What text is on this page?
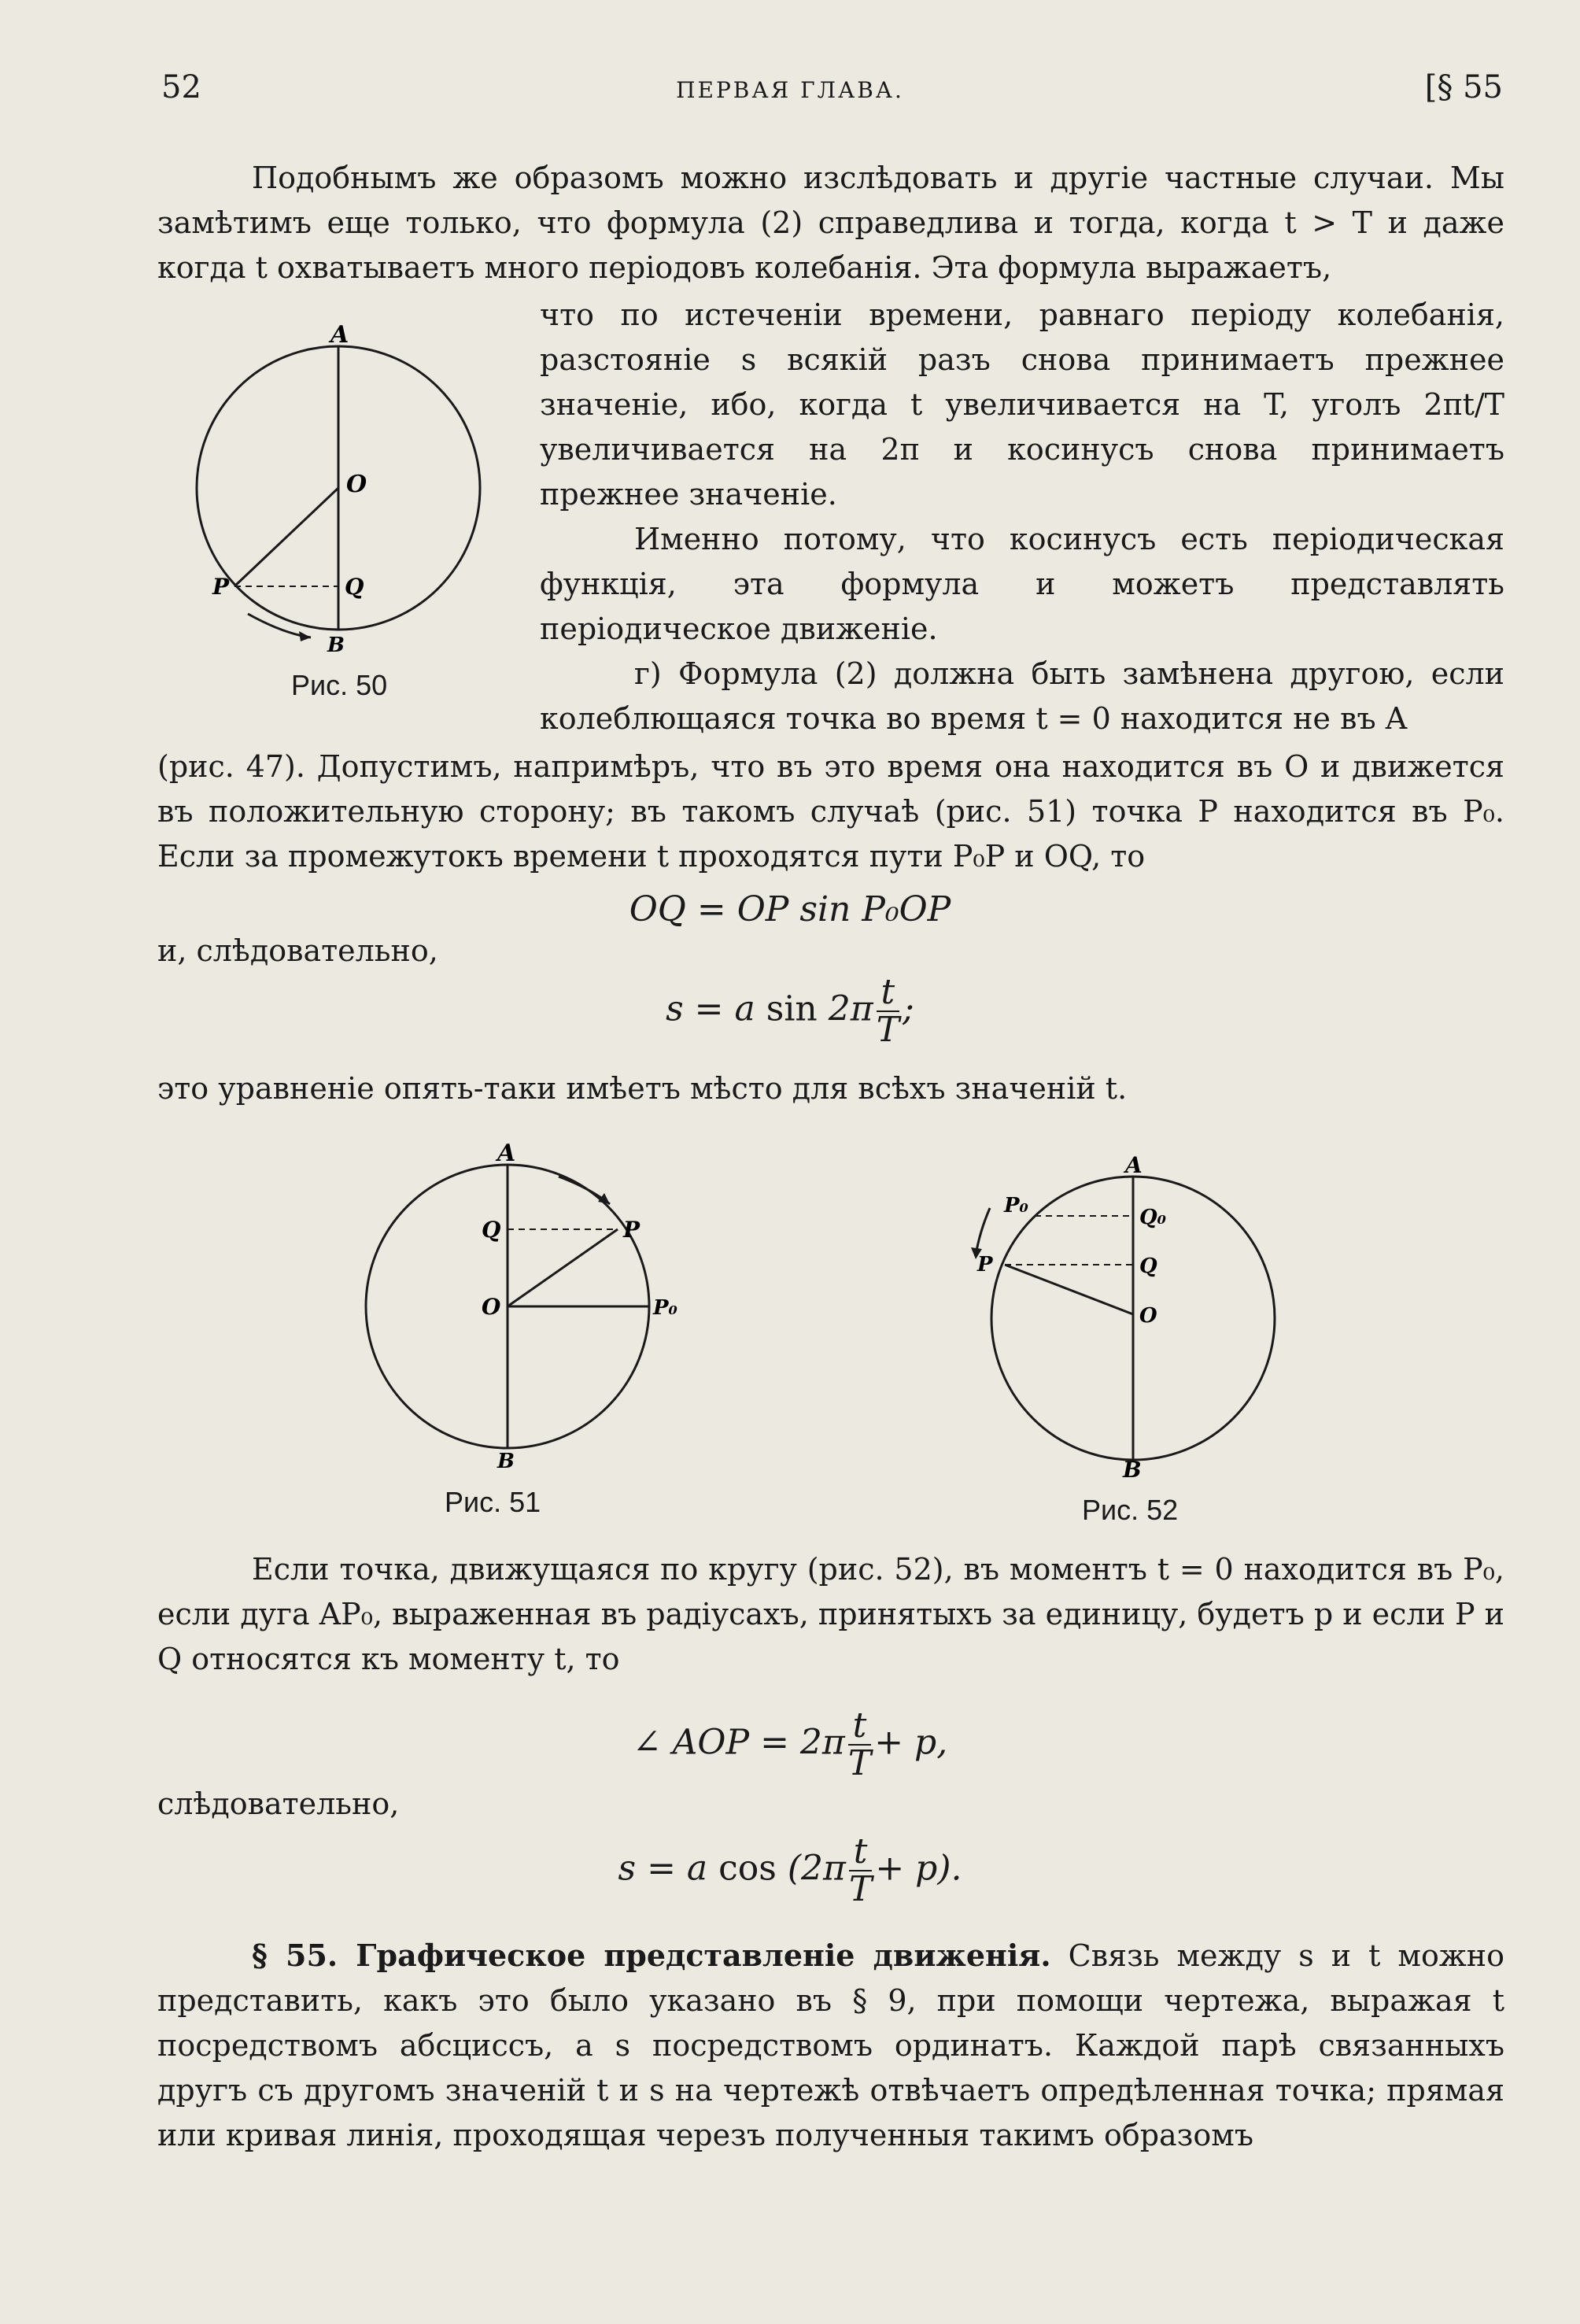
52	ПЕРВАЯ ГЛАВА.	[§ 55

Подобнымъ же образомъ можно изслѣдовать и другіе частные случаи. Мы замѣтимъ еще только, что формула (2) справедлива и тогда, когда t > T и даже когда t охватываетъ много періодовъ колебанія. Эта формула выражаетъ,

что по истеченіи времени, равнаго періоду колебанія, разстояніе s всякій разъ снова принимаетъ прежнее значеніе, ибо, когда t увеличивается на T, уголъ 2πt/T увеличивается на 2π и косинусъ снова принимаетъ прежнее значеніе.

Именно потому, что косинусъ есть періодическая функція, эта формула и можетъ представлять періодическое движеніе.

г) Формула (2) должна быть замѣнена другою, если колеблющаяся точка во время t = 0 находится не въ A

A
O
P	Q
B
Рис. 50

(рис. 47). Допустимъ, напримѣръ, что въ это время она находится въ O и движется въ положительную сторону; въ такомъ случаѣ (рис. 51) точка P находится въ P₀. Если за промежутокъ времени t проходятся пути P₀P и OQ, то

OQ = OP sin P₀OP
и, слѣдовательно,
s = a $\sin 2\pi \frac{t}{T}$ ;
это уравненіе опять-таки имѣетъ мѣсто для всѣхъ значеній t.
A
Q	P
O	P₀
B
Рис. 51
A
P₀	Q₀
P	Q
O
B
Рис. 52

Если точка, движущаяся по кругу (рис. 52), въ моментъ t = 0 находится въ P₀, если дуга AP₀, выраженная въ радіусахъ, принятыхъ за единицу, будетъ p и если P и Q относятся къ моменту t, то

∠ AOP = $2\pi \frac{t}{T} + p$,
слѣдовательно,
s = a $\cos (2\pi \frac{t}{T} + p)$.

§ 55. Графическое представленіе движенія. Связь между s и t можно представить, какъ это было указано въ § 9, при помощи чертежа, выражая t посредствомъ абсциссъ, а s посредствомъ ординатъ. Каждой парѣ связанныхъ другъ съ другомъ значеній t и s на чертежѣ отвѣчаетъ опредѣленная точка; прямая или кривая линія, проходящая черезъ полученныя такимъ образомъ
